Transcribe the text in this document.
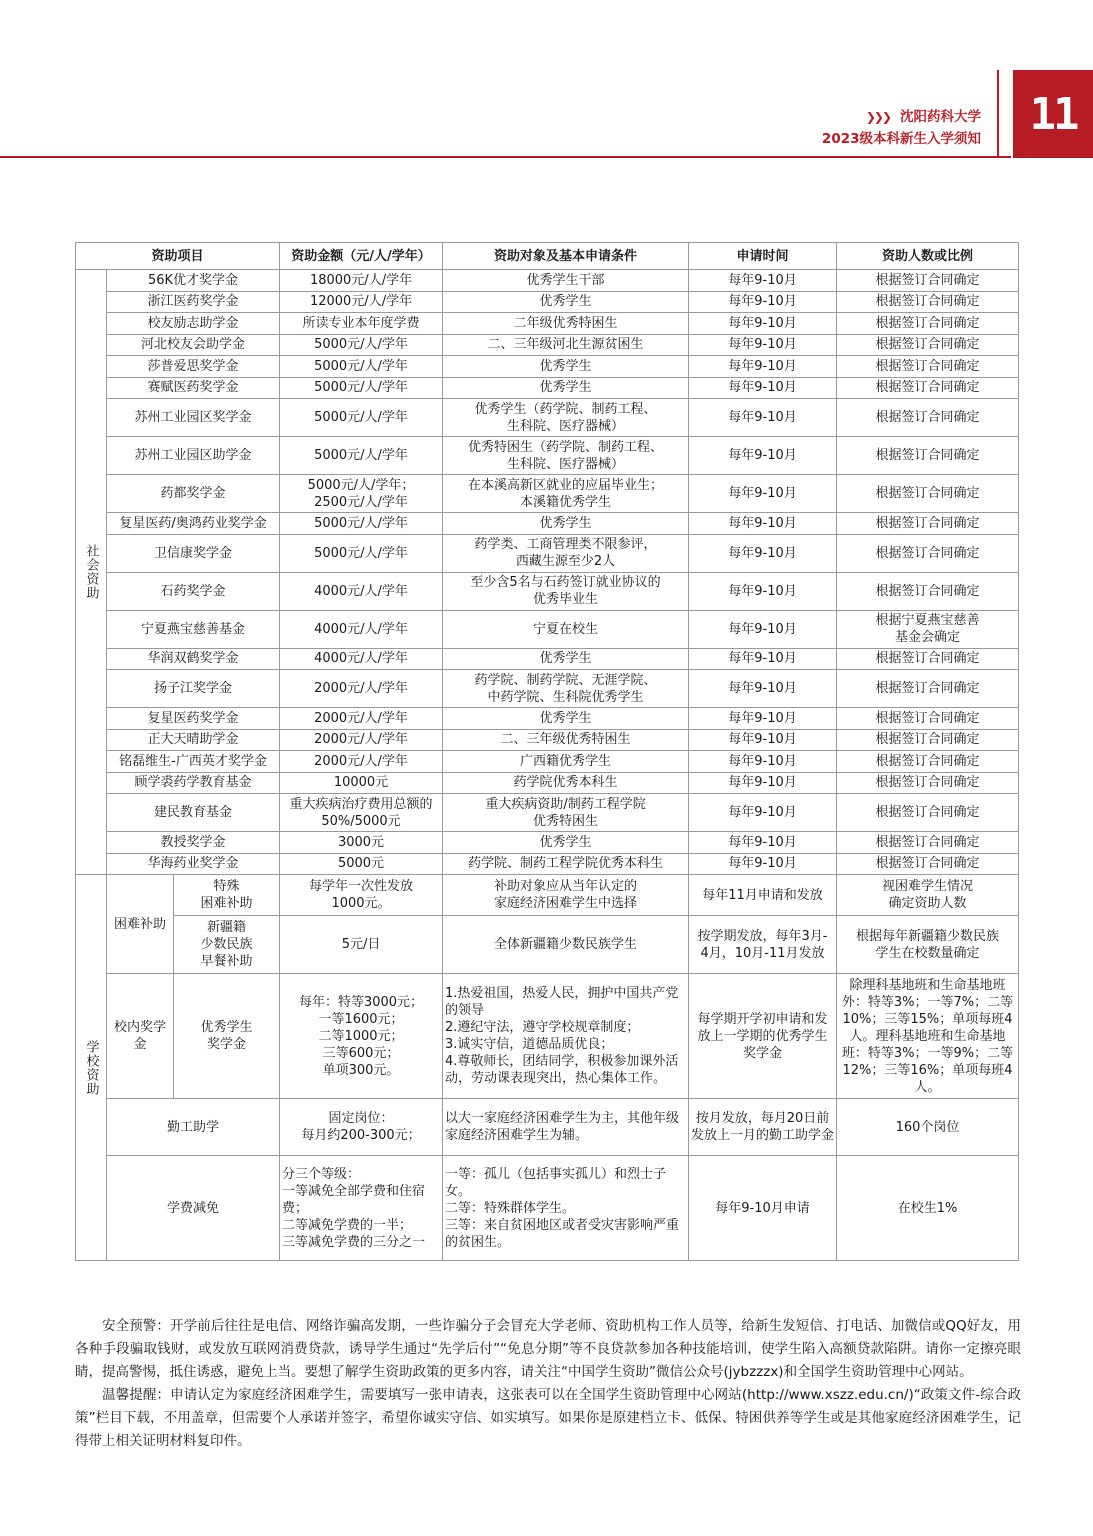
❯❯❯ 沈阳药科大学
2023级本科新生入学须知	11
资助项目			资助金额（元/人/学年）	资助对象及基本申请条件	申请时间	资助人数或比例
社会资助	56K优才奖学金		18000元/人/学年	优秀学生干部	每年9-10月	根据签订合同确定
	浙江医药奖学金		12000元/人/学年	优秀学生	每年9-10月	根据签订合同确定
	校友励志助学金		所读专业本年度学费	二年级优秀特困生	每年9-10月	根据签订合同确定
	河北校友会助学金		5000元/人/学年	二、三年级河北生源贫困生	每年9-10月	根据签订合同确定
	莎普爱思奖学金		5000元/人/学年	优秀学生	每年9-10月	根据签订合同确定
	赛赋医药奖学金		5000元/人/学年	优秀学生	每年9-10月	根据签订合同确定
	苏州工业园区奖学金		5000元/人/学年	优秀学生（药学院、制药工程、
生科院、医疗器械）	每年9-10月	根据签订合同确定
	苏州工业园区助学金		5000元/人/学年	优秀特困生（药学院、制药工程、
生科院、医疗器械）	每年9-10月	根据签订合同确定
	药都奖学金		5000元/人/学年；
2500元/人/学年	在本溪高新区就业的应届毕业生；
本溪籍优秀学生	每年9-10月	根据签订合同确定
	复星医药/奥鸿药业奖学金		5000元/人/学年	优秀学生	每年9-10月	根据签订合同确定
	卫信康奖学金		5000元/人/学年	药学类、工商管理类不限参评，
西藏生源至少2人	每年9-10月	根据签订合同确定
	石药奖学金		4000元/人/学年	至少含5名与石药签订就业协议的
优秀毕业生	每年9-10月	根据签订合同确定
	宁夏燕宝慈善基金		4000元/人/学年	宁夏在校生	每年9-10月	根据宁夏燕宝慈善
基金会确定
	华润双鹤奖学金		4000元/人/学年	优秀学生	每年9-10月	根据签订合同确定
	扬子江奖学金		2000元/人/学年	药学院、制药学院、无涯学院、
中药学院、生科院优秀学生	每年9-10月	根据签订合同确定
	复星医药奖学金		2000元/人/学年	优秀学生	每年9-10月	根据签订合同确定
	正大天晴助学金		2000元/人/学年	二、三年级优秀特困生	每年9-10月	根据签订合同确定
	铭磊维生-广西英才奖学金		2000元/人/学年	广西籍优秀学生	每年9-10月	根据签订合同确定
	顾学裘药学教育基金		10000元	药学院优秀本科生	每年9-10月	根据签订合同确定
	建民教育基金		重大疾病治疗费用总额的
50%/5000元	重大疾病资助/制药工程学院
优秀特困生	每年9-10月	根据签订合同确定
	教授奖学金		3000元	优秀学生	每年9-10月	根据签订合同确定
	华海药业奖学金		5000元	药学院、制药工程学院优秀本科生	每年9-10月	根据签订合同确定
学校资助	困难补助	特殊
困难补助	每学年一次性发放
1000元。	补助对象应从当年认定的
家庭经济困难学生中选择	每年11月申请和发放	视困难学生情况
确定资助人数
		新疆籍
少数民族
早餐补助	5元/日	全体新疆籍少数民族学生	按学期发放，每年3月-
4月，10月-11月发放	根据每年新疆籍少数民族
学生在校数量确定
	校内奖学
金	优秀学生
奖学金	每年：特等3000元；
一等1600元；
二等1000元；
三等600元；
单项300元。	1.热爱祖国，热爱人民，拥护中国共产党的领导
2.遵纪守法，遵守学校规章制度；
3.诚实守信，道德品质优良；
4.尊敬师长，团结同学，积极参加课外活动，劳动课表现突出，热心集体工作。	每学期开学初申请和发
放上一学期的优秀学生
奖学金	除理科基地班和生命基地班外：特等3%；一等7%；二等10%；三等15%；单项每班4人。理科基地班和生命基地班：特等3%；一等9%；二等12%；三等16%；单项每班4人。
	勤工助学		固定岗位：
每月约200-300元；	以大一家庭经济困难学生为主，其他年级家庭经济困难学生为辅。	按月发放，每月20日前发放上一月的勤工助学金	160个岗位
	学费减免		分三个等级：
一等减免全部学费和住宿费；
二等减免学费的一半；
三等减免学费的三分之一	一等：孤儿（包括事实孤儿）和烈士子女。
二等：特殊群体学生。
三等：来自贫困地区或者受灾害影响严重的贫困生。	每年9-10月申请	在校生1%

安全预警：开学前后往往是电信、网络诈骗高发期，一些诈骗分子会冒充大学老师、资助机构工作人员等，给新生发短信、打电话、加微信或QQ好友，用各种手段骗取钱财，或发放互联网消费贷款，诱导学生通过“先学后付”“免息分期”等不良贷款参加各种技能培训，使学生陷入高额贷款陷阱。请你一定擦亮眼睛，提高警惕，抵住诱惑，避免上当。要想了解学生资助政策的更多内容，请关注“中国学生资助”微信公众号(jybzzzx)和全国学生资助管理中心网站。

温馨提醒：申请认定为家庭经济困难学生，需要填写一张申请表，这张表可以在全国学生资助管理中心网站(http://www.xszz.edu.cn/)“政策文件-综合政策”栏目下载，不用盖章，但需要个人承诺并签字，希望你诚实守信、如实填写。如果你是原建档立卡、低保、特困供养等学生或是其他家庭经济困难学生，记得带上相关证明材料复印件。
